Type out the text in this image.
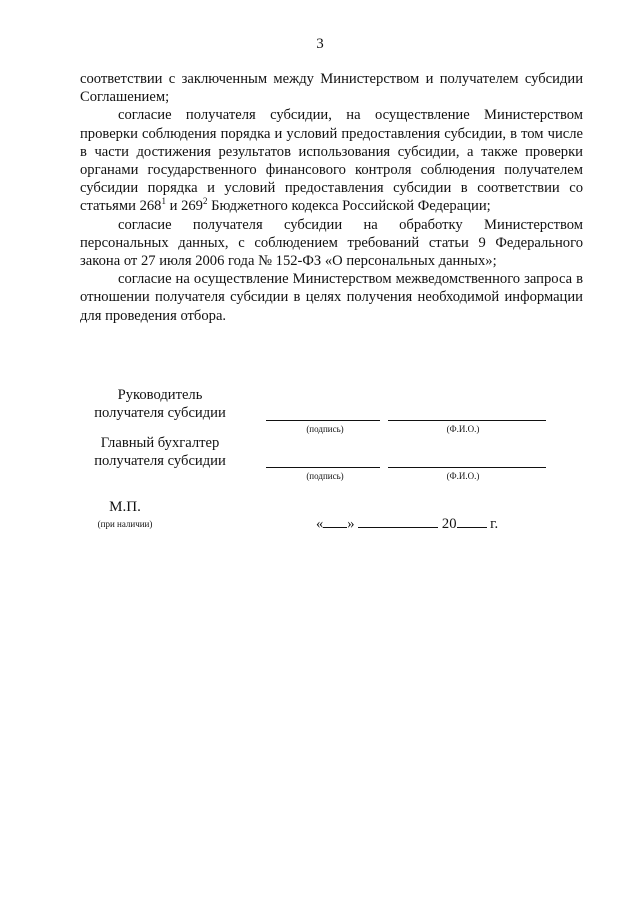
3

соответствии с заключенным между Министерством и получателем субсидии Соглашением;

согласие получателя субсидии, на осуществление Министерством проверки соблюдения порядка и условий предоставления субсидии, в том числе в части достижения результатов использования субсидии, а также проверки органами государственного финансового контроля соблюдения получателем субсидии порядка и условий предоставления субсидии в соответствии со статьями $268^1$ и $269^2$ Бюджетного кодекса Российской Федерации;

согласие получателя субсидии на обработку Министерством персональных данных, с соблюдением требований статьи 9 Федерального закона от 27 июля 2006 года № 152-ФЗ «О персональных данных»;

согласие на осуществление Министерством межведомственного запроса в отношении получателя субсидии в целях получения необходимой информации для проведения отбора.

Руководитель
получателя субсидии
(подпись)	(Ф.И.О.)
Главный бухгалтер
получателя субсидии
(подпись)	(Ф.И.О.)
М.П.
(при наличии)	« »	20 г.
